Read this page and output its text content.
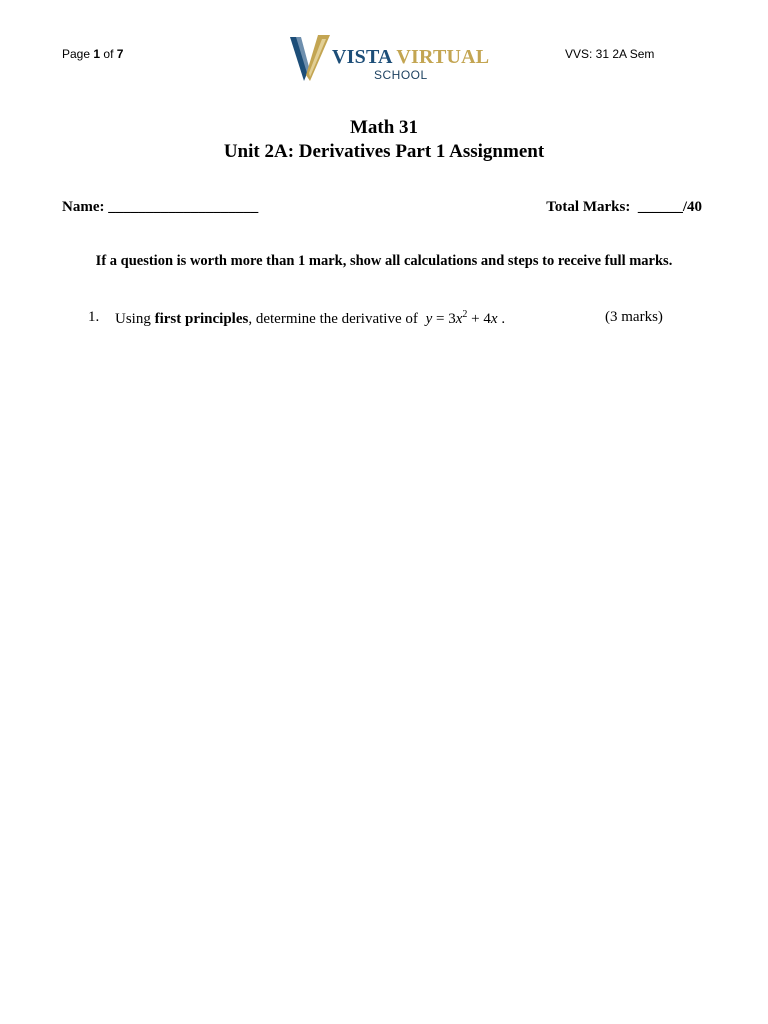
Page 1 of 7	VISTA VIRTUAL
SCHOOL
VVS: 31 2A Sem
Math 31
Unit 2A: Derivatives Part 1 Assignment
Name: ____________________	Total Marks: ______/40
If a question is worth more than 1 mark, show all calculations and steps to receive full marks.
1. Using first principles, determine the derivative of $y = 3x^2 + 4x$ .	(3 marks)
